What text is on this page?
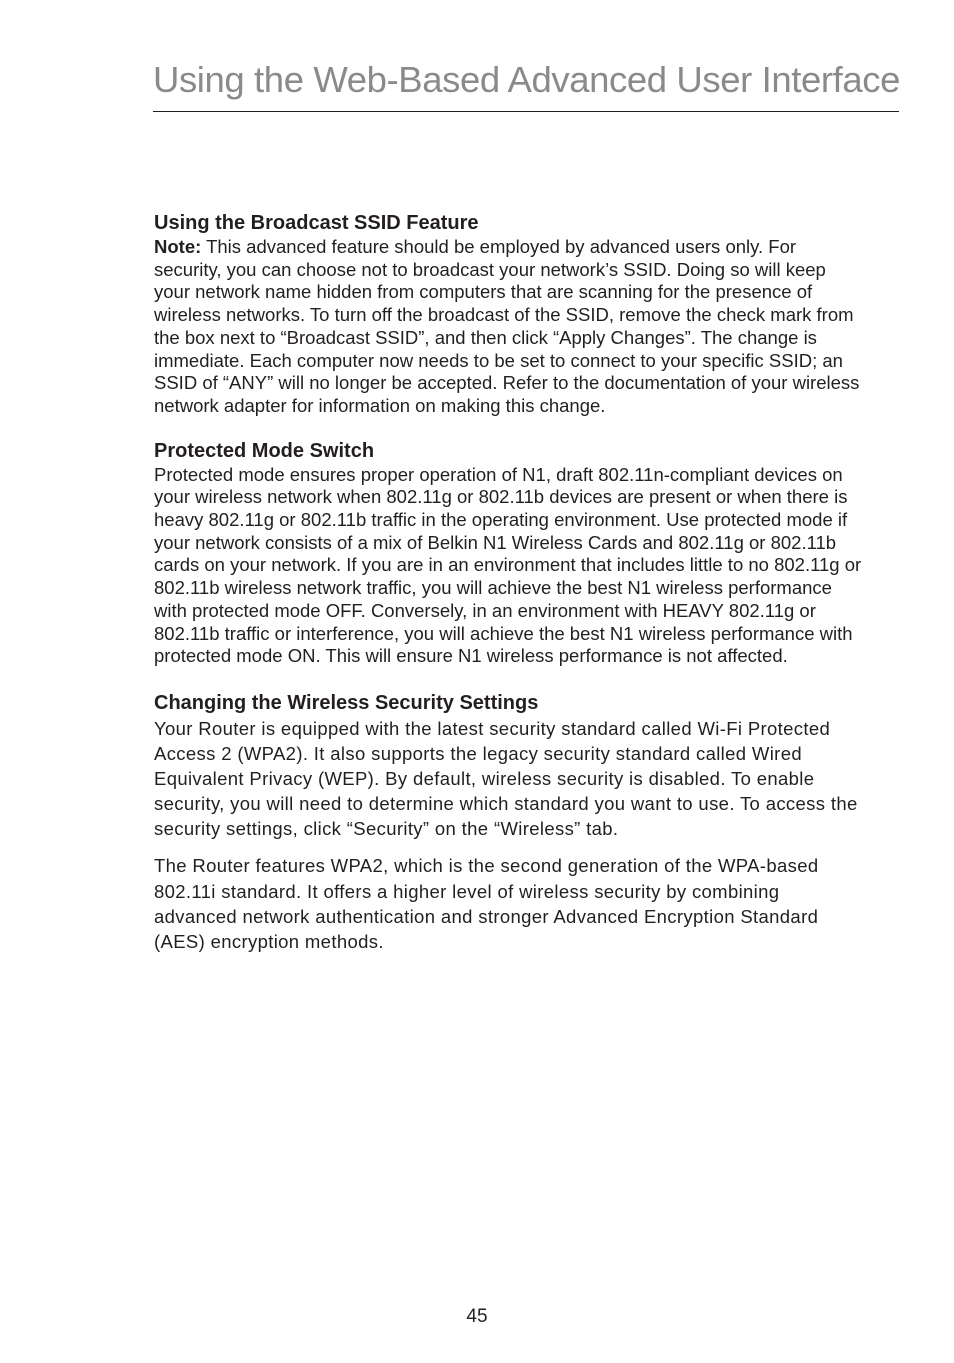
Using the Web-Based Advanced User Interface
Using the Broadcast SSID Feature

Note: This advanced feature should be employed by advanced users only. For security, you can choose not to broadcast your network’s SSID. Doing so will keep your network name hidden from computers that are scanning for the presence of wireless networks. To turn off the broadcast of the SSID, remove the check mark from the box next to “Broadcast SSID”, and then click “Apply Changes”. The change is immediate. Each computer now needs to be set to connect to your specific SSID; an SSID of “ANY” will no longer be accepted. Refer to the documentation of your wireless network adapter for information on making this change.

Protected Mode Switch

Protected mode ensures proper operation of N1, draft 802.11n-compliant devices on your wireless network when 802.11g or 802.11b devices are present or when there is heavy 802.11g or 802.11b traffic in the operating environment. Use protected mode if your network consists of a mix of Belkin N1 Wireless Cards and 802.11g or 802.11b cards on your network. If you are in an environment that includes little to no 802.11g or 802.11b wireless network traffic, you will achieve the best N1 wireless performance with protected mode OFF. Conversely, in an environment with HEAVY 802.11g or 802.11b traffic or interference, you will achieve the best N1 wireless performance with protected mode ON. This will ensure N1 wireless performance is not affected.

Changing the Wireless Security Settings

Your Router is equipped with the latest security standard called Wi-Fi Protected Access 2 (WPA2). It also supports the legacy security standard called Wired Equivalent Privacy (WEP). By default, wireless security is disabled. To enable security, you will need to determine which standard you want to use. To access the security settings, click “Security” on the “Wireless” tab.

The Router features WPA2, which is the second generation of the WPA-based 802.11i standard. It offers a higher level of wireless security by combining advanced network authentication and stronger Advanced Encryption Standard (AES) encryption methods.

45
